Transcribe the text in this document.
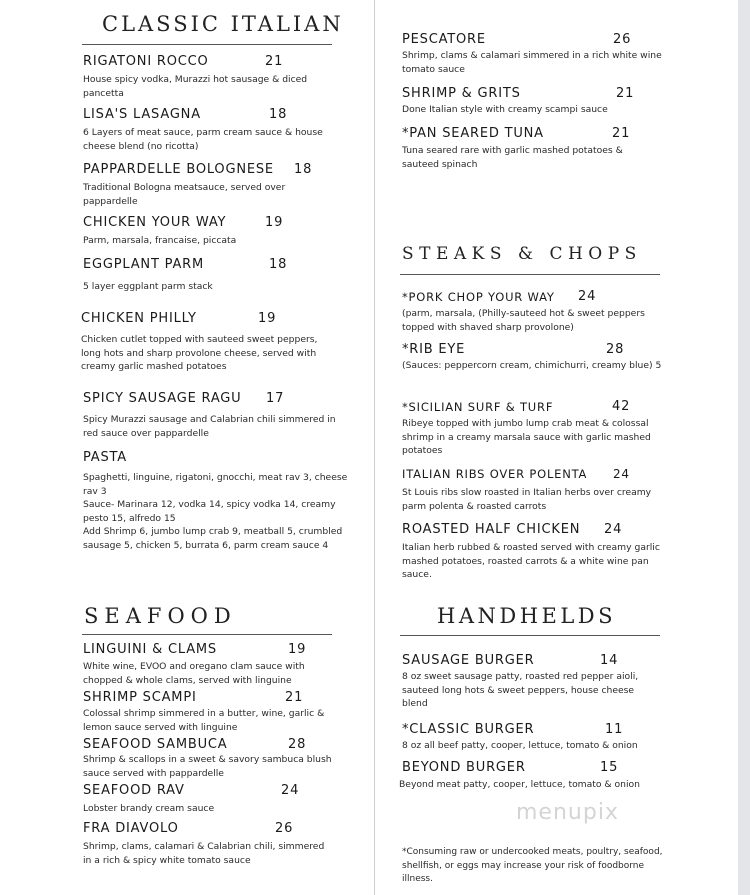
CLASSIC ITALIAN
RIGATONI ROCCO	21
House spicy vodka, Murazzi hot sausage & diced pancetta
LISA'S LASAGNA	18
6 Layers of meat sauce, parm cream sauce & house cheese blend (no ricotta)
PAPPARDELLE BOLOGNESE 18
Traditional Bologna meatsauce, served over pappardelle
CHICKEN YOUR WAY	19
Parm, marsala, francaise, piccata
EGGPLANT PARM	18
5 layer eggplant parm stack
CHICKEN PHILLY	19
Chicken cutlet topped with sauteed sweet peppers, long hots and sharp provolone cheese, served with creamy garlic mashed potatoes
SPICY SAUSAGE RAGU 17
Spicy Murazzi sausage and Calabrian chili simmered in red sauce over pappardelle
PASTA
Spaghetti, linguine, rigatoni, gnocchi, meat rav 3, cheese rav 3
Sauce- Marinara 12, vodka 14, spicy vodka 14, creamy pesto 15, alfredo 15
Add Shrimp 6, jumbo lump crab 9, meatball 5, crumbled sausage 5, chicken 5, burrata 6, parm cream sauce 4
SEAFOOD
LINGUINI & CLAMS	19
White wine, EVOO and oregano clam sauce with chopped & whole clams, served with linguine
SHRIMP SCAMPI	21
Colossal shrimp simmered in a butter, wine, garlic & lemon sauce served with linguine
SEAFOOD SAMBUCA	28
Shrimp & scallops in a sweet & savory sambuca blush sauce served with pappardelle
SEAFOOD RAV	24
Lobster brandy cream sauce
FRA DIAVOLO	26
Shrimp, clams, calamari & Calabrian chili, simmered in a rich & spicy white tomato sauce
PESCATORE	26
Shrimp, clams & calamari simmered in a rich white wine tomato sauce
SHRIMP & GRITS	21
Done Italian style with creamy scampi sauce
*PAN SEARED TUNA	21
Tuna seared rare with garlic mashed potatoes & sauteed spinach
STEAKS & CHOPS
*PORK CHOP YOUR WAY 24
(parm, marsala, (Philly-sauteed hot & sweet peppers topped with shaved sharp provolone)
*RIB EYE	28
(Sauces: peppercorn cream, chimichurri, creamy blue) 5
*SICILIAN SURF & TURF	42
Ribeye topped with jumbo lump crab meat & colossal shrimp in a creamy marsala sauce with garlic mashed potatoes
ITALIAN RIBS OVER POLENTA 24
St Louis ribs slow roasted in Italian herbs over creamy parm polenta & roasted carrots
ROASTED HALF CHICKEN 24
Italian herb rubbed & roasted served with creamy garlic mashed potatoes, roasted carrots & a white wine pan sauce.
HANDHELDS
SAUSAGE BURGER	14
8 oz sweet sausage patty, roasted red pepper aioli, sauteed long hots & sweet peppers, house cheese blend
*CLASSIC BURGER	11
8 oz all beef patty, cooper, lettuce, tomato & onion
BEYOND BURGER	15
Beyond meat patty, cooper, lettuce, tomato & onion
menupix
*Consuming raw or undercooked meats, poultry, seafood, shellfish, or eggs may increase your risk of foodborne illness.
